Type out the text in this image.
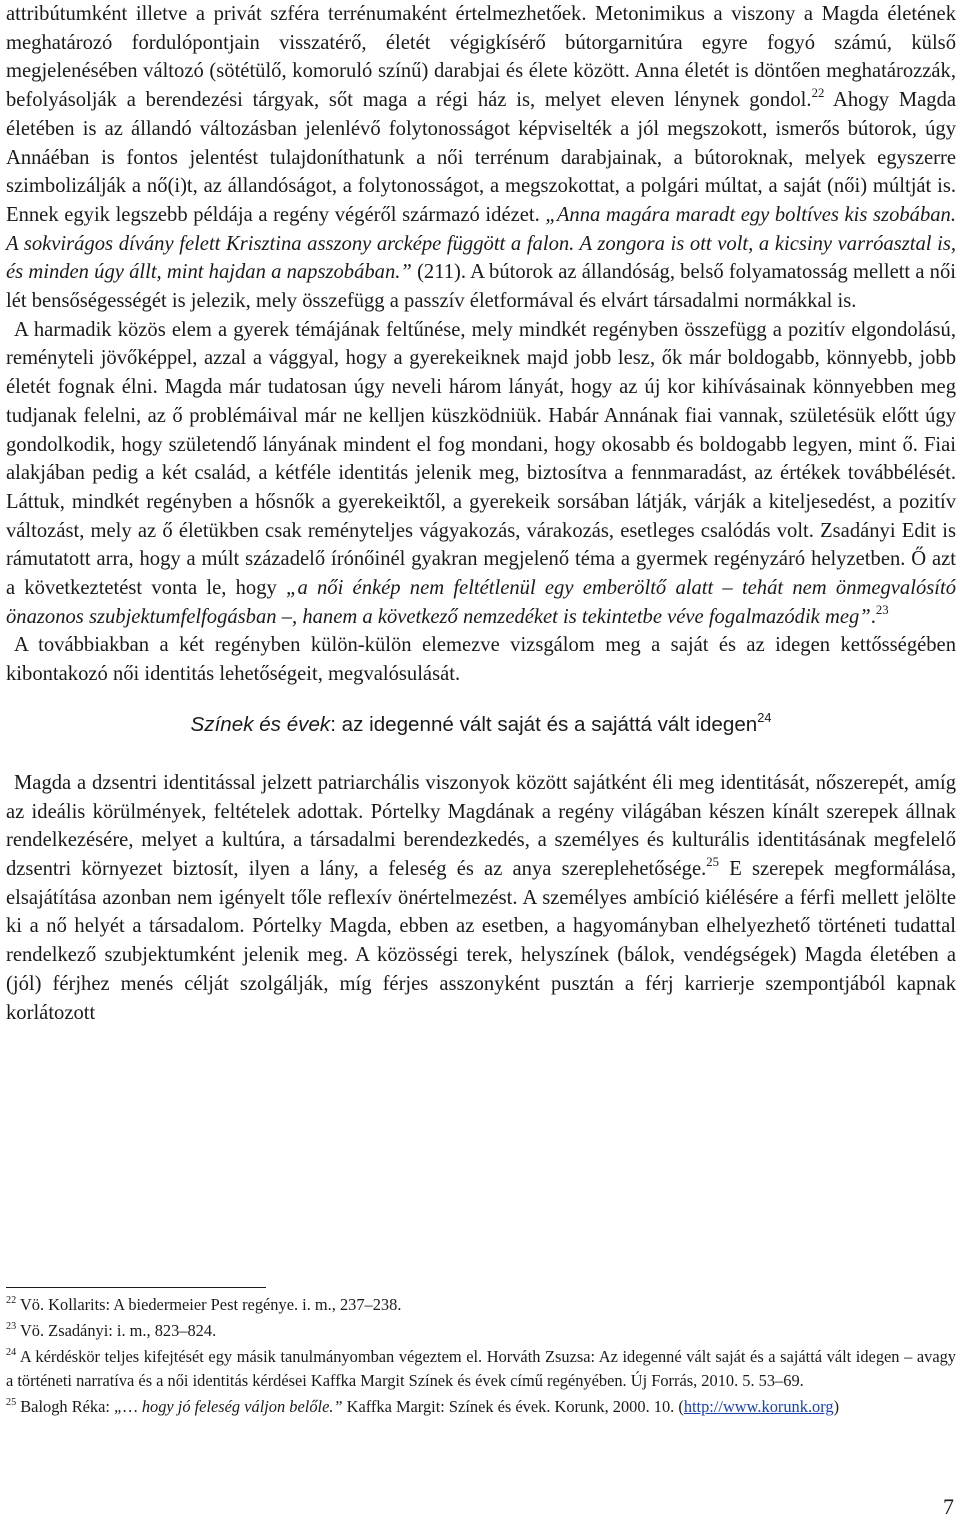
attribútumként illetve a privát szféra terrénumaként értelmezhetőek. Metonimikus a viszony a Magda életének meghatározó fordulópontjain visszatérő, életét végigkísérő bútorgarnitúra egyre fogyó számú, külső megjelenésében változó (sötétülő, komoruló színű) darabjai és élete között. Anna életét is döntően meghatározzák, befolyásolják a berendezési tárgyak, sőt maga a régi ház is, melyet eleven lénynek gondol.$^{22}$ Ahogy Magda életében is az állandó változásban jelenlévő folytonosságot képviselték a jól megszokott, ismerős bútorok, úgy Annáéban is fontos jelentést tulajdoníthatunk a női terrénum darabjainak, a bútoroknak, melyek egyszerre szimbolizálják a nő(i)t, az állandóságot, a folytonosságot, a megszokottat, a polgári múltat, a saját (női) múltját is. Ennek egyik legszebb példája a regény végéről származó idézet. „Anna magára maradt egy boltíves kis szobában. A sokvirágos dívány felett Krisztina asszony arcképe függött a falon. A zongora is ott volt, a kicsiny varróasztal is, és minden úgy állt, mint hajdan a napszobában.” (211). A bútorok az állandóság, belső folyamatosság mellett a női lét bensőségességét is jelezik, mely összefügg a passzív életformával és elvárt társadalmi normákkal is.

A harmadik közös elem a gyerek témájának feltűnése, mely mindkét regényben összefügg a pozitív elgondolású, reményteli jövőképpel, azzal a vággyal, hogy a gyerekeiknek majd jobb lesz, ők már boldogabb, könnyebb, jobb életét fognak élni. Magda már tudatosan úgy neveli három lányát, hogy az új kor kihívásainak könnyebben meg tudjanak felelni, az ő problémáival már ne kelljen küszködniük. Habár Annának fiai vannak, születésük előtt úgy gondolkodik, hogy születendő lányának mindent el fog mondani, hogy okosabb és boldogabb legyen, mint ő. Fiai alakjában pedig a két család, a kétféle identitás jelenik meg, biztosítva a fennmaradást, az értékek továbbélését. Láttuk, mindkét regényben a hősnők a gyerekeiktől, a gyerekeik sorsában látják, várják a kiteljesedést, a pozitív változást, mely az ő életükben csak reményteljes vágyakozás, várakozás, esetleges csalódás volt. Zsadányi Edit is rámutatott arra, hogy a múlt századelő írónőinél gyakran megjelenő téma a gyermek regényzáró helyzetben. Ő azt a következtetést vonta le, hogy „a női énkép nem feltétlenül egy emberöltő alatt – tehát nem önmegvalósító önazonos szubjektumfelfogásban –, hanem a következő nemzedéket is tekintetbe véve fogalmazódik meg”.$^{23}$

A továbbiakban a két regényben külön-külön elemezve vizsgálom meg a saját és az idegen kettősségében kibontakozó női identitás lehetőségeit, megvalósulását.

Színek és évek: az idegenné vált saját és a sajáttá vált idegen$^{24}$

Magda a dzsentri identitással jelzett patriarchális viszonyok között sajátként éli meg identitását, nőszerepét, amíg az ideális körülmények, feltételek adottak. Pórtelky Magdának a regény világában készen kínált szerepek állnak rendelkezésére, melyet a kultúra, a társadalmi berendezkedés, a személyes és kulturális identitásának megfelelő dzsentri környezet biztosít, ilyen a lány, a feleség és az anya szereplehetősége.$^{25}$ E szerepek megformálása, elsajátítása azonban nem igényelt tőle reflexív önértelmezést. A személyes ambíció kiélésére a férfi mellett jelölte ki a nő helyét a társadalom. Pórtelky Magda, ebben az esetben, a hagyományban elhelyezhető történeti tudattal rendelkező szubjektumként jelenik meg. A közösségi terek, helyszínek (bálok, vendégségek) Magda életében a (jól) férjhez menés célját szolgálják, míg férjes asszonyként pusztán a férj karrierje szempontjából kapnak korlátozott

$^{22}$ Vö. Kollarits: A biedermeier Pest regénye. i. m., 237–238.

$^{23}$ Vö. Zsadányi: i. m., 823–824.

$^{24}$ A kérdéskör teljes kifejtését egy másik tanulmányomban végeztem el. Horváth Zsuzsa: Az idegenné vált saját és a sajáttá vált idegen – avagy a történeti narratíva és a női identitás kérdései Kaffka Margit Színek és évek című regényében. Új Forrás, 2010. 5. 53–69.

$^{25}$ Balogh Réka: „… hogy jó feleség váljon belőle.” Kaffka Margit: Színek és évek. Korunk, 2000. 10. (http://www.korunk.org)

7
